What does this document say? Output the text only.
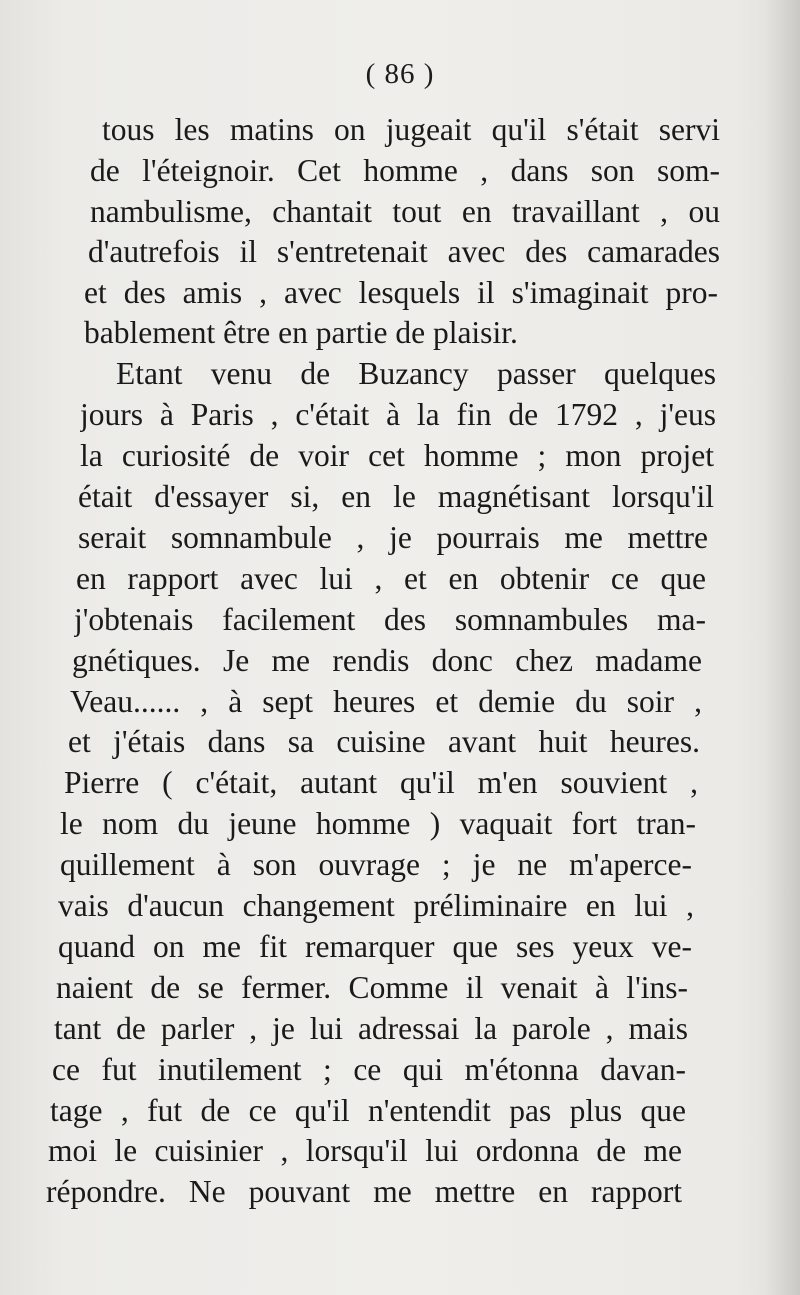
( 86 )
tous les matins on jugeait qu'il s'était servi
de l'éteignoir. Cet homme , dans son som-
nambulisme, chantait tout en travaillant , ou
d'autrefois il s'entretenait avec des camarades
et des amis , avec lesquels il s'imaginait pro-
bablement être en partie de plaisir.
Etant venu de Buzancy passer quelques
jours à Paris , c'était à la fin de 1792 , j'eus
la curiosité de voir cet homme ; mon projet
était d'essayer si, en le magnétisant lorsqu'il
serait somnambule , je pourrais me mettre
en rapport avec lui , et en obtenir ce que
j'obtenais facilement des somnambules ma-
gnétiques. Je me rendis donc chez madame
Veau...... , à sept heures et demie du soir ,
et j'étais dans sa cuisine avant huit heures.
Pierre ( c'était, autant qu'il m'en souvient ,
le nom du jeune homme ) vaquait fort tran-
quillement à son ouvrage ; je ne m'aperce-
vais d'aucun changement préliminaire en lui ,
quand on me fit remarquer que ses yeux ve-
naient de se fermer. Comme il venait à l'ins-
tant de parler , je lui adressai la parole , mais
ce fut inutilement ; ce qui m'étonna davan-
tage , fut de ce qu'il n'entendit pas plus que
moi le cuisinier , lorsqu'il lui ordonna de me
répondre. Ne pouvant me mettre en rapport
